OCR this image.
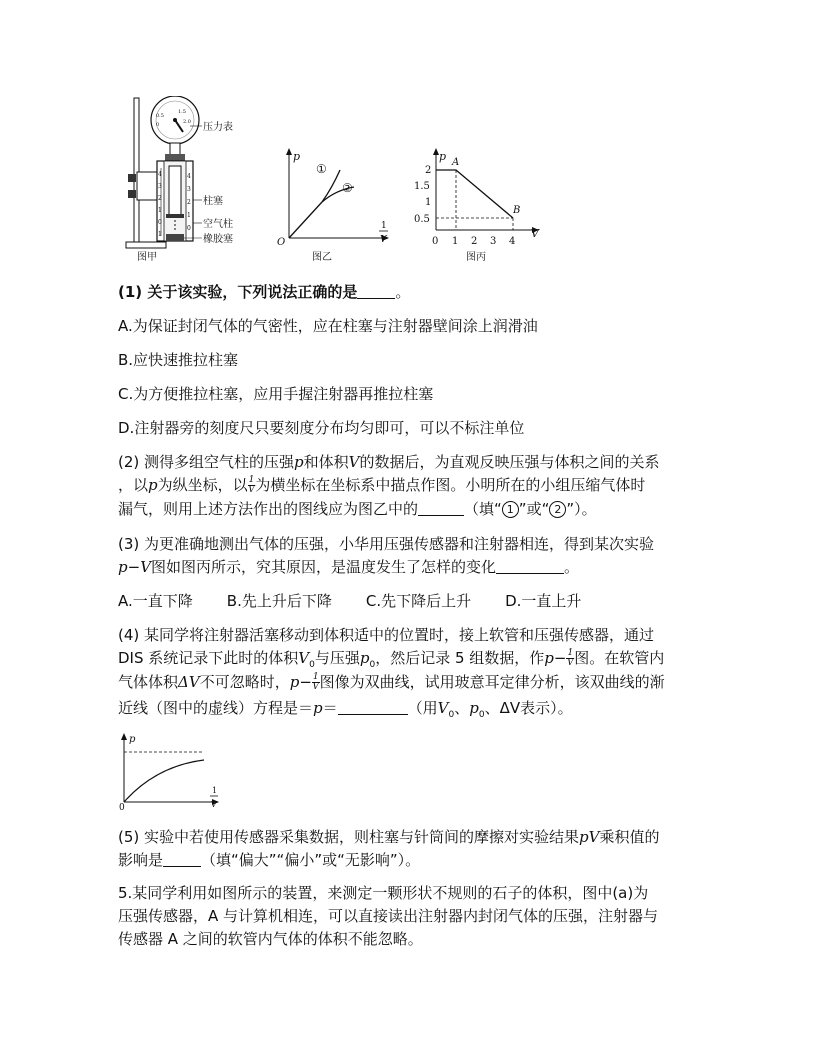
0
0.5
1.5
2.0
4
3
2
1
0
1
4
3
2
1
0
压力表
柱塞
空气柱
橡胶塞
图甲
p
O
1
V
①
②
图乙
p
V
2
1.5
1
0.5
0 1 2 3 4
A
B
图丙
(1) 关于该实验，下列说法正确的是	。
A.为保证封闭气体的气密性，应在柱塞与注射器壁间涂上润滑油
B.应快速推拉柱塞
C.为方便推拉柱塞，应用手握注射器再推拉柱塞
D.注射器旁的刻度尺只要刻度分布均匀即可，可以不标注单位
(2) 测得多组空气柱的压强p和体积V的数据后，为直观反映压强与体积之间的关系
，以p为纵坐标，以 $\frac{1}{V}$ 为横坐标在坐标系中描点作图。小明所在的小组压缩气体时
漏气，则用上述方法作出的图线应为图乙中的	（填“ 1 ”或“ 2 ”）。
(3) 为更准确地测出气体的压强，小华用压强传感器和注射器相连，得到某次实验
p−V图如图丙所示，究其原因，是温度发生了怎样的变化	。
A.一直下降 B.先上升后下降 C.先下降后上升 D.一直上升
(4) 某同学将注射器活塞移动到体积适中的位置时，接上软管和压强传感器，通过
DIS 系统记录下此时的体积$V_0$与压强$p_0$，然后记录 5 组数据，作$p- \frac{1}{V}$ 图。在软管内
气体体积ΔV不可忽略时，$p- \frac{1}{V}$ 图像为双曲线，试用玻意耳定律分析，该双曲线的渐
近线（图中的虚线）方程是＝p＝	（用$V_0$、$p_0$、ΔV表示）。
p
0
1
V
(5) 实验中若使用传感器采集数据，则柱塞与针筒间的摩擦对实验结果pV乘积值的
影响是	（填“偏大”“偏小”或“无影响”）。
5.某同学利用如图所示的装置，来测定一颗形状不规则的石子的体积，图中(a)为
压强传感器，A 与计算机相连，可以直接读出注射器内封闭气体的压强，注射器与
传感器 A 之间的软管内气体的体积不能忽略。
